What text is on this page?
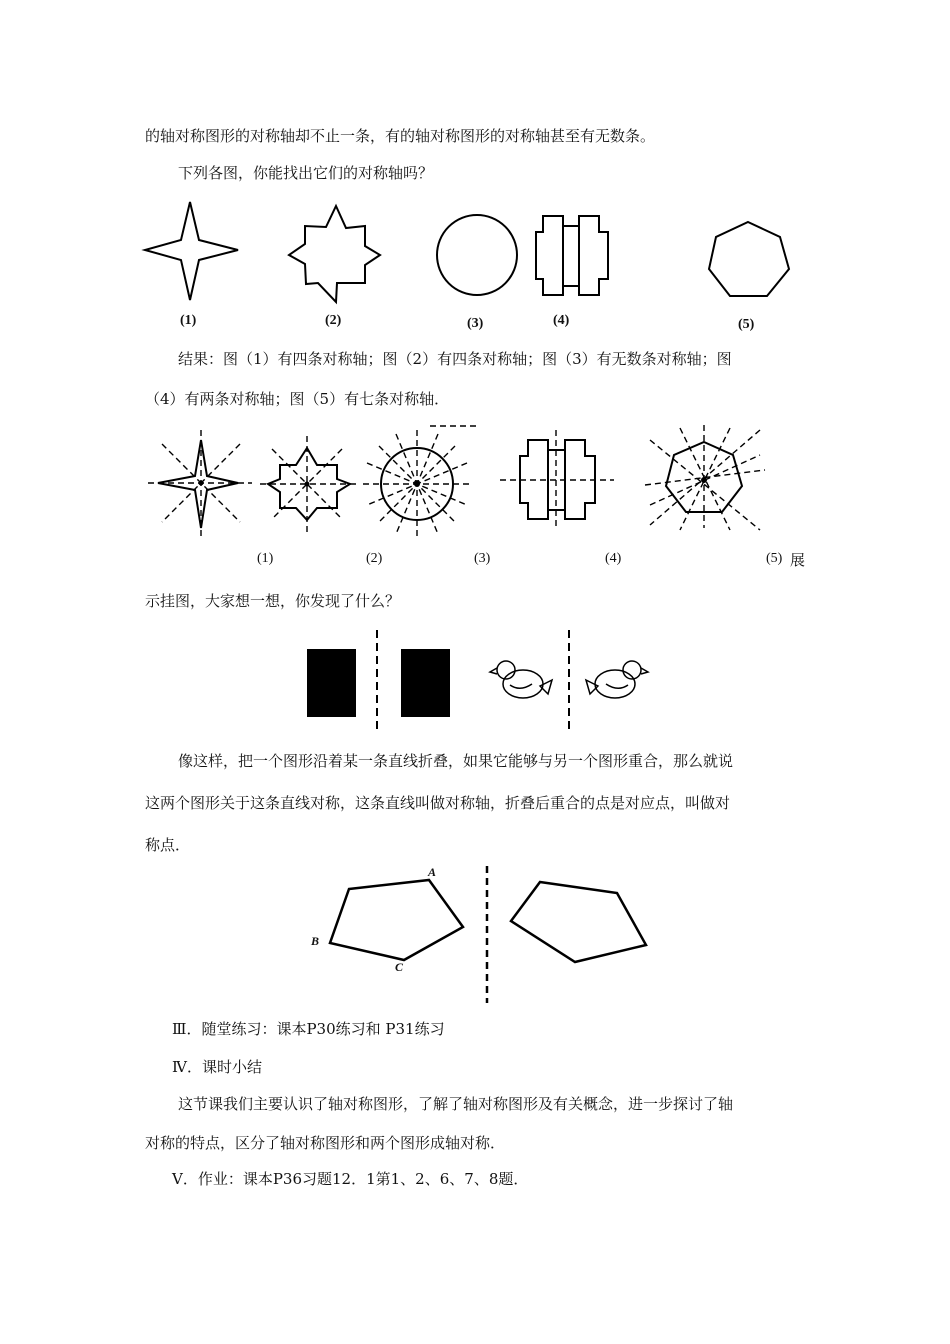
的轴对称图形的对称轴却不止一条，有的轴对称图形的对称轴甚至有无数条。
下列各图，你能找出它们的对称轴吗？
(1)	(2)	(3)	(4)	(5)
结果：图（1）有四条对称轴；图（2）有四条对称轴；图（3）有无数条对称轴；图
（4）有两条对称轴；图（5）有七条对称轴．
(1)	(2)	(3)	(4)	(5) 展
示挂图，大家想一想，你发现了什么？
像这样，把一个图形沿着某一条直线折叠，如果它能够与另一个图形重合，那么就说
这两个图形关于这条直线对称，这条直线叫做对称轴，折叠后重合的点是对应点，叫做对
称点．
A
B
C
Ⅲ．随堂练习：课本P30练习和 P31练习
Ⅳ．课时小结
这节课我们主要认识了轴对称图形，了解了轴对称图形及有关概念，进一步探讨了轴
对称的特点，区分了轴对称图形和两个图形成轴对称．
Ⅴ．作业：课本P36习题12．1第1、2、6、7、8题．
